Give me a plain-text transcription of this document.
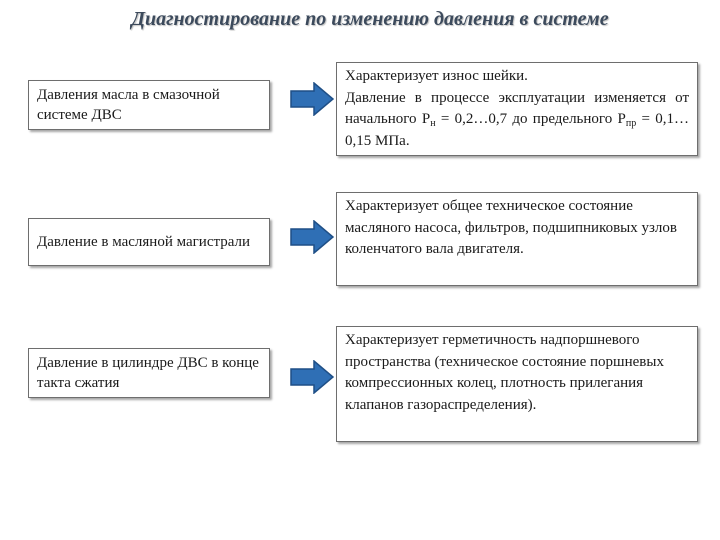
Диагностирование по изменению давления в системе
Давления масла в смазочной системе ДВС
Характеризует износ шейки.
Давление в процессе эксплуатации изменяется от начального $Р_н$ = 0,2…0,7 до предельного $Р_{пр}$ = 0,1…0,15 МПа.
Давление в масляной магистрали
Характеризует общее техническое состояние масляного насоса, фильтров, подшипниковых узлов коленчатого вала двигателя.
Давление в цилиндре ДВС в конце такта сжатия
Характеризует герметичность надпоршневого пространства (техническое состояние поршневых компрессионных колец, плотность прилегания клапанов газораспределения).
